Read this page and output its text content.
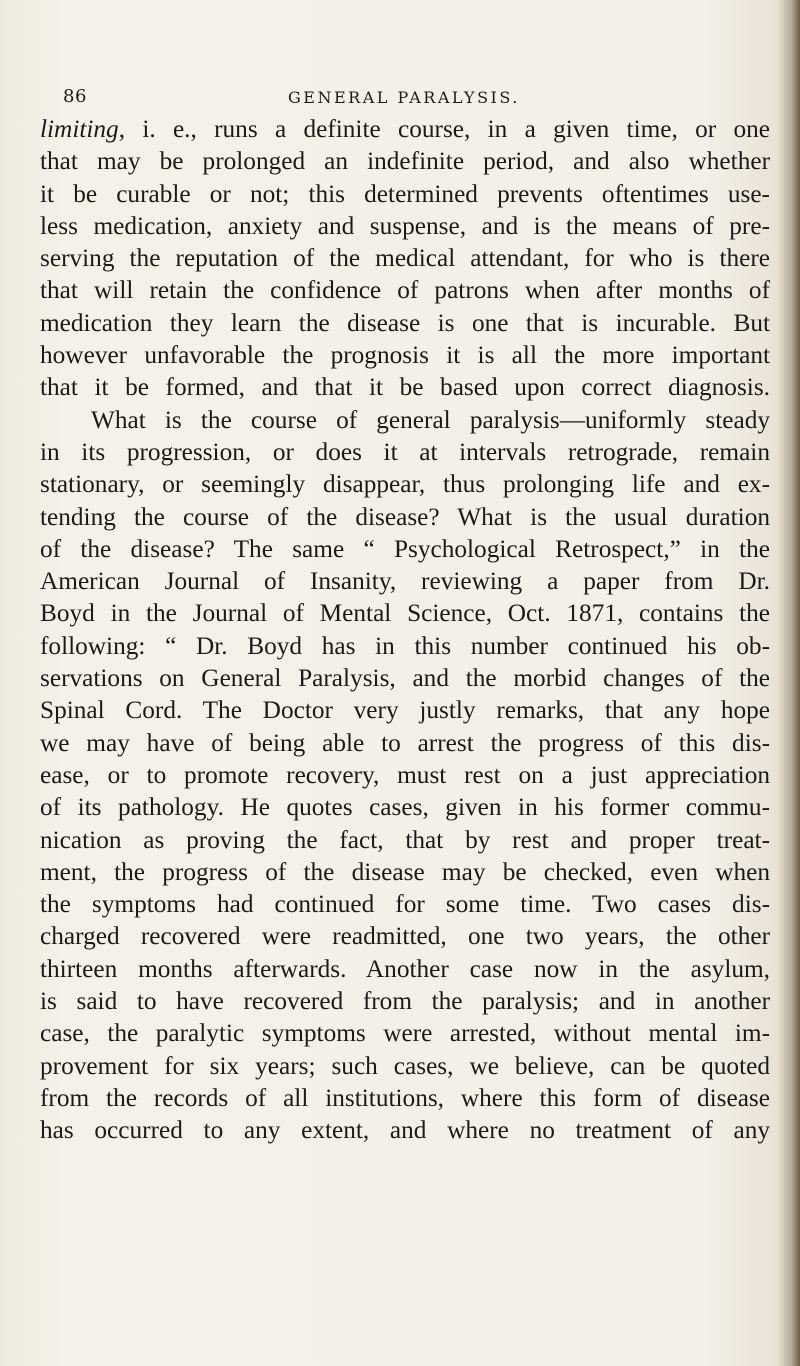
86	GENERAL PARALYSIS.
limiting, i. e., runs a definite course, in a given time, or one
that may be prolonged an indefinite period, and also whether
it be curable or not; this determined prevents oftentimes use-
less medication, anxiety and suspense, and is the means of pre-
serving the reputation of the medical attendant, for who is there
that will retain the confidence of patrons when after months of
medication they learn the disease is one that is incurable. But
however unfavorable the prognosis it is all the more important
that it be formed, and that it be based upon correct diagnosis.
What is the course of general paralysis—uniformly steady
in its progression, or does it at intervals retrograde, remain
stationary, or seemingly disappear, thus prolonging life and ex-
tending the course of the disease? What is the usual duration
of the disease? The same “ Psychological Retrospect,” in the
American Journal of Insanity, reviewing a paper from Dr.
Boyd in the Journal of Mental Science, Oct. 1871, contains the
following: “ Dr. Boyd has in this number continued his ob-
servations on General Paralysis, and the morbid changes of the
Spinal Cord. The Doctor very justly remarks, that any hope
we may have of being able to arrest the progress of this dis-
ease, or to promote recovery, must rest on a just appreciation
of its pathology. He quotes cases, given in his former commu-
nication as proving the fact, that by rest and proper treat-
ment, the progress of the disease may be checked, even when
the symptoms had continued for some time. Two cases dis-
charged recovered were readmitted, one two years, the other
thirteen months afterwards. Another case now in the asylum,
is said to have recovered from the paralysis; and in another
case, the paralytic symptoms were arrested, without mental im-
provement for six years; such cases, we believe, can be quoted
from the records of all institutions, where this form of disease
has occurred to any extent, and where no treatment of any
